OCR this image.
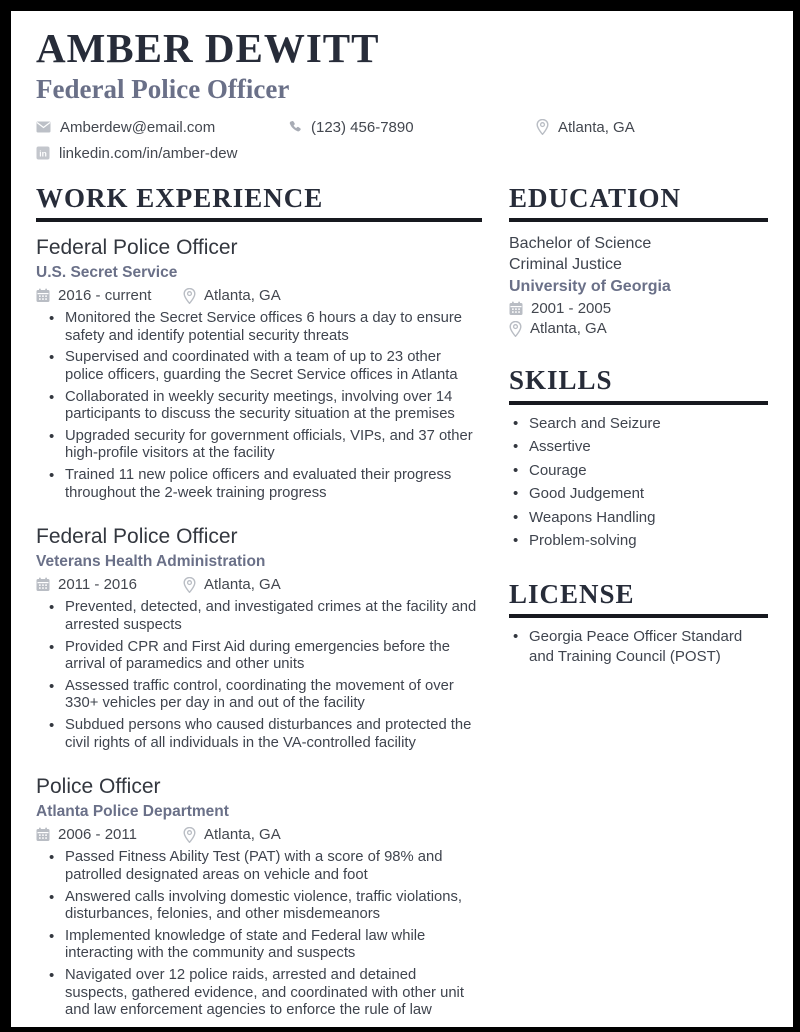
AMBER DEWITT
Federal Police Officer
Amberdew@email.com	(123) 456-7890	Atlanta, GA
in linkedin.com/in/amber-dew
WORK EXPERIENCE
Federal Police Officer
U.S. Secret Service
2016 - current	Atlanta, GA
• Monitored the Secret Service offices 6 hours a day to ensure safety and identify potential security threats
• Supervised and coordinated with a team of up to 23 other police officers, guarding the Secret Service offices in Atlanta
• Collaborated in weekly security meetings, involving over 14 participants to discuss the security situation at the premises
• Upgraded security for government officials, VIPs, and 37 other high-profile visitors at the facility
• Trained 11 new police officers and evaluated their progress throughout the 2-week training progress
Federal Police Officer
Veterans Health Administration
2011 - 2016	Atlanta, GA
• Prevented, detected, and investigated crimes at the facility and arrested suspects
• Provided CPR and First Aid during emergencies before the arrival of paramedics and other units
• Assessed traffic control, coordinating the movement of over 330+ vehicles per day in and out of the facility
• Subdued persons who caused disturbances and protected the civil rights of all individuals in the VA-controlled facility
Police Officer
Atlanta Police Department
2006 - 2011	Atlanta, GA
• Passed Fitness Ability Test (PAT) with a score of 98% and patrolled designated areas on vehicle and foot
• Answered calls involving domestic violence, traffic violations, disturbances, felonies, and other misdemeanors
• Implemented knowledge of state and Federal law while interacting with the community and suspects
• Navigated over 12 police raids, arrested and detained suspects, gathered evidence, and coordinated with other unit and law enforcement agencies to enforce the rule of law
EDUCATION
Bachelor of Science
Criminal Justice
University of Georgia
2001 - 2005
Atlanta, GA
SKILLS
• Search and Seizure
• Assertive
• Courage
• Good Judgement
• Weapons Handling
• Problem-solving
LICENSE
• Georgia Peace Officer Standard and Training Council (POST)
